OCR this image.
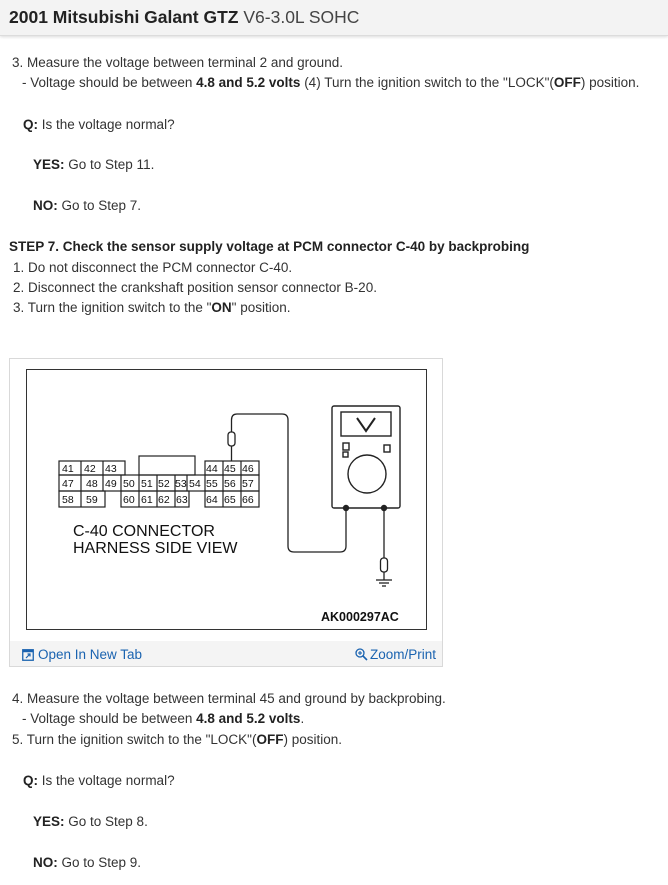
2001 Mitsubishi Galant GTZ V6-3.0L SOHC
3. Measure the voltage between terminal 2 and ground.
- Voltage should be between 4.8 and 5.2 volts (4) Turn the ignition switch to the "LOCK"(OFF) position.
Q: Is the voltage normal?
YES: Go to Step 11.
NO: Go to Step 7.
STEP 7. Check the sensor supply voltage at PCM connector C-40 by backprobing
1. Do not disconnect the PCM connector C-40.
2. Disconnect the crankshaft position sensor connector B-20.
3. Turn the ignition switch to the "ON" position.
41 42 43	44 45 46
47 48 49 50 51 52 53 54 55 56 57
58 59 60 61 62 63 64 65 66
C-40 CONNECTOR
HARNESS SIDE VIEW
AK000297AC
Open In New Tab	Zoom/Print
4. Measure the voltage between terminal 45 and ground by backprobing.
- Voltage should be between 4.8 and 5.2 volts.
5. Turn the ignition switch to the "LOCK"(OFF) position.
Q: Is the voltage normal?
YES: Go to Step 8.
NO: Go to Step 9.
